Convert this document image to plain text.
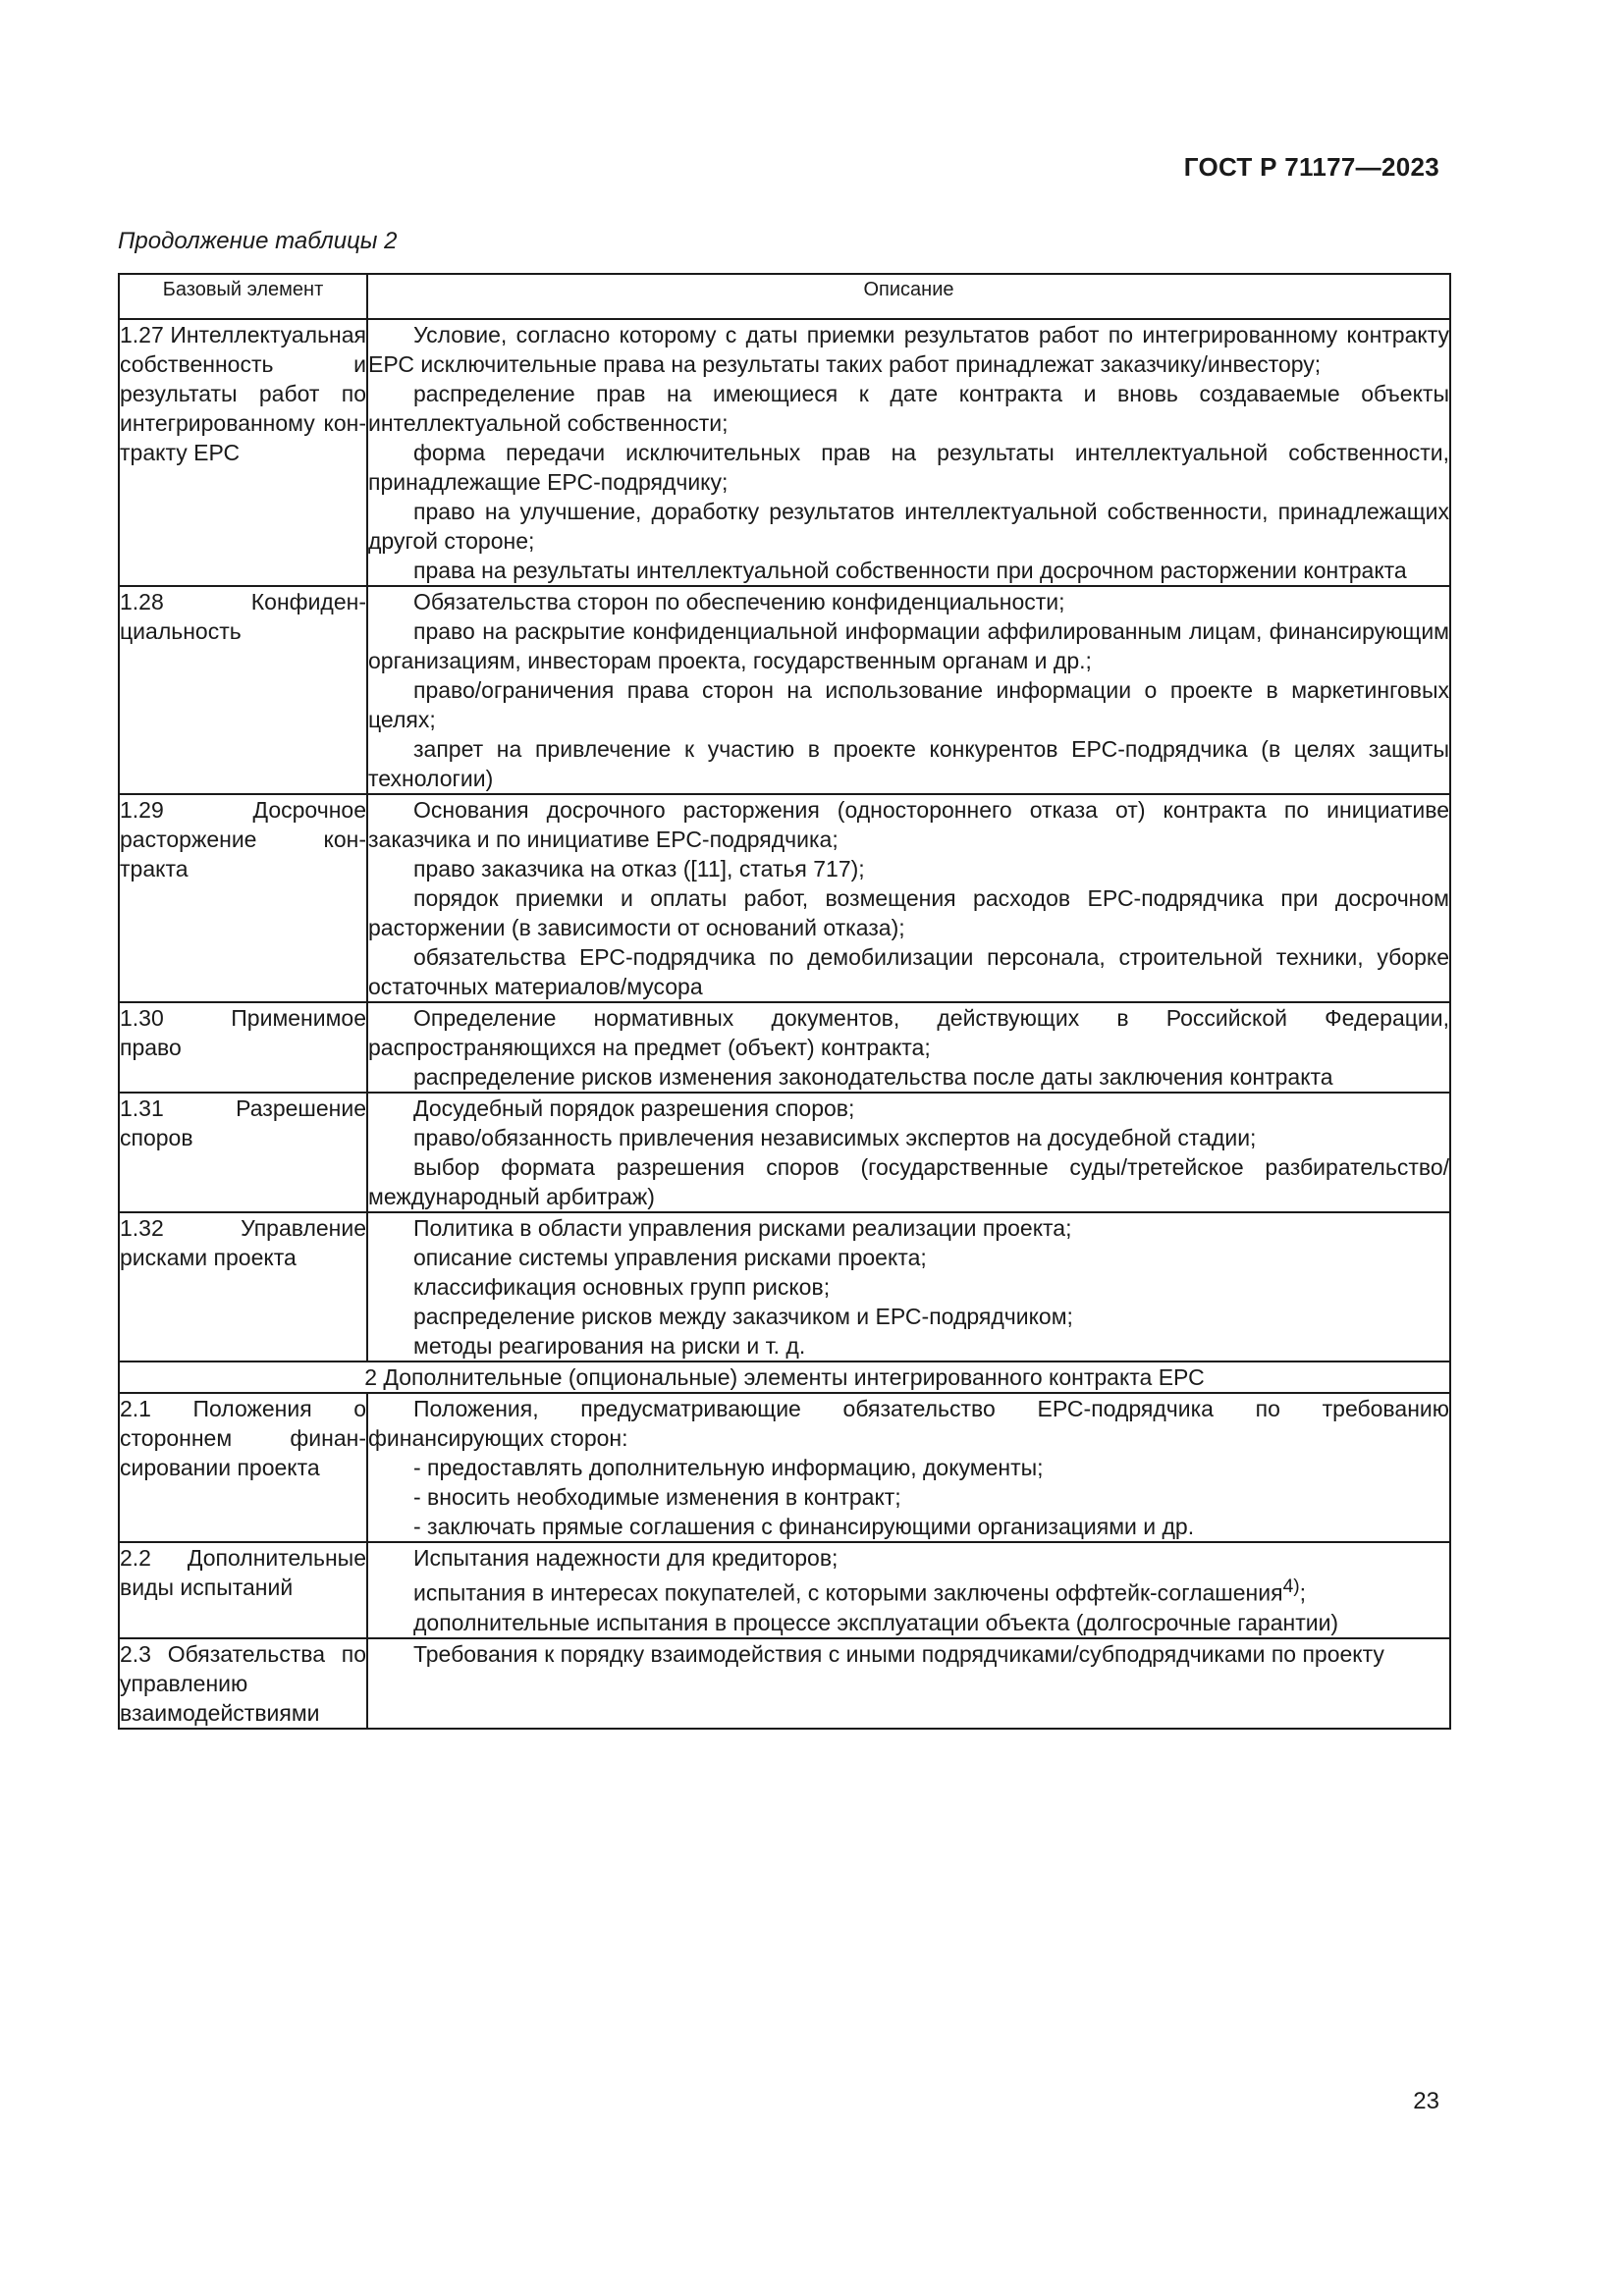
ГОСТ Р 71177—2023
Продолжение таблицы 2
Базовый элемент	Описание
1.27 Интеллектуальная собственность и результаты работ по интегрированному контракту ЕРС	Условие, согласно которому с даты приемки результатов работ по интегрированному контракту ЕРС исключительные права на результаты таких работ принадлежат заказчику/инвестору;

распределение прав на имеющиеся к дате контракта и вновь создаваемые объекты интеллектуальной собственности;

форма передачи исключительных прав на результаты интеллектуальной собственности, принадлежащие ЕРС-подрядчику;

право на улучшение, доработку результатов интеллектуальной собственности, принадлежащих другой стороне;

права на результаты интеллектуальной собственности при досрочном расторжении контракта

1.28 Конфиденциальность	Обязательства сторон по обеспечению конфиденциальности;

право на раскрытие конфиденциальной информации аффилированным лицам, финансирующим организациям, инвесторам проекта, государственным органам и др.;

право/ограничения права сторон на использование информации о проекте в маркетинговых целях;

запрет на привлечение к участию в проекте конкурентов ЕРС-подрядчика (в целях защиты технологии)

1.29 Досрочное расторжение контракта	Основания досрочного расторжения (одностороннего отказа от) контракта по инициативе заказчика и по инициативе ЕРС-подрядчика;

право заказчика на отказ ([11], статья 717);

порядок приемки и оплаты работ, возмещения расходов ЕРС-подрядчика при досрочном расторжении (в зависимости от оснований отказа);

обязательства ЕРС-подрядчика по демобилизации персонала, строительной техники, уборке остаточных материалов/мусора

1.30 Применимое право	Определение нормативных документов, действующих в Российской Федерации, распространяющихся на предмет (объект) контракта;

распределение рисков изменения законодательства после даты заключения контракта

1.31 Разрешение споров	Досудебный порядок разрешения споров;

право/обязанность привлечения независимых экспертов на досудебной стадии;

выбор формата разрешения споров (государственные суды/третейское разбирательство/международный арбитраж)

1.32 Управление рисками проекта	Политика в области управления рисками реализации проекта;

описание системы управления рисками проекта;

классификация основных групп рисков;

распределение рисков между заказчиком и ЕРС-подрядчиком;

методы реагирования на риски и т. д.

2 Дополнительные (опциональные) элементы интегрированного контракта ЕРС	
2.1 Положения о стороннем финансировании проекта	Положения, предусматривающие обязательство ЕРС-подрядчика по требованию финансирующих сторон:

- предоставлять дополнительную информацию, документы;

- вносить необходимые изменения в контракт;

- заключать прямые соглашения с финансирующими организациями и др.

2.2 Дополнительные виды испытаний	Испытания надежности для кредиторов;

испытания в интересах покупателей, с которыми заключены оффтейк-соглашения$^{4)}$;

дополнительные испытания в процессе эксплуатации объекта (долгосрочные гарантии)

2.3 Обязательства по управлению взаимодействиями	Требования к порядку взаимодействия с иными подрядчиками/субподрядчиками по проекту

23
